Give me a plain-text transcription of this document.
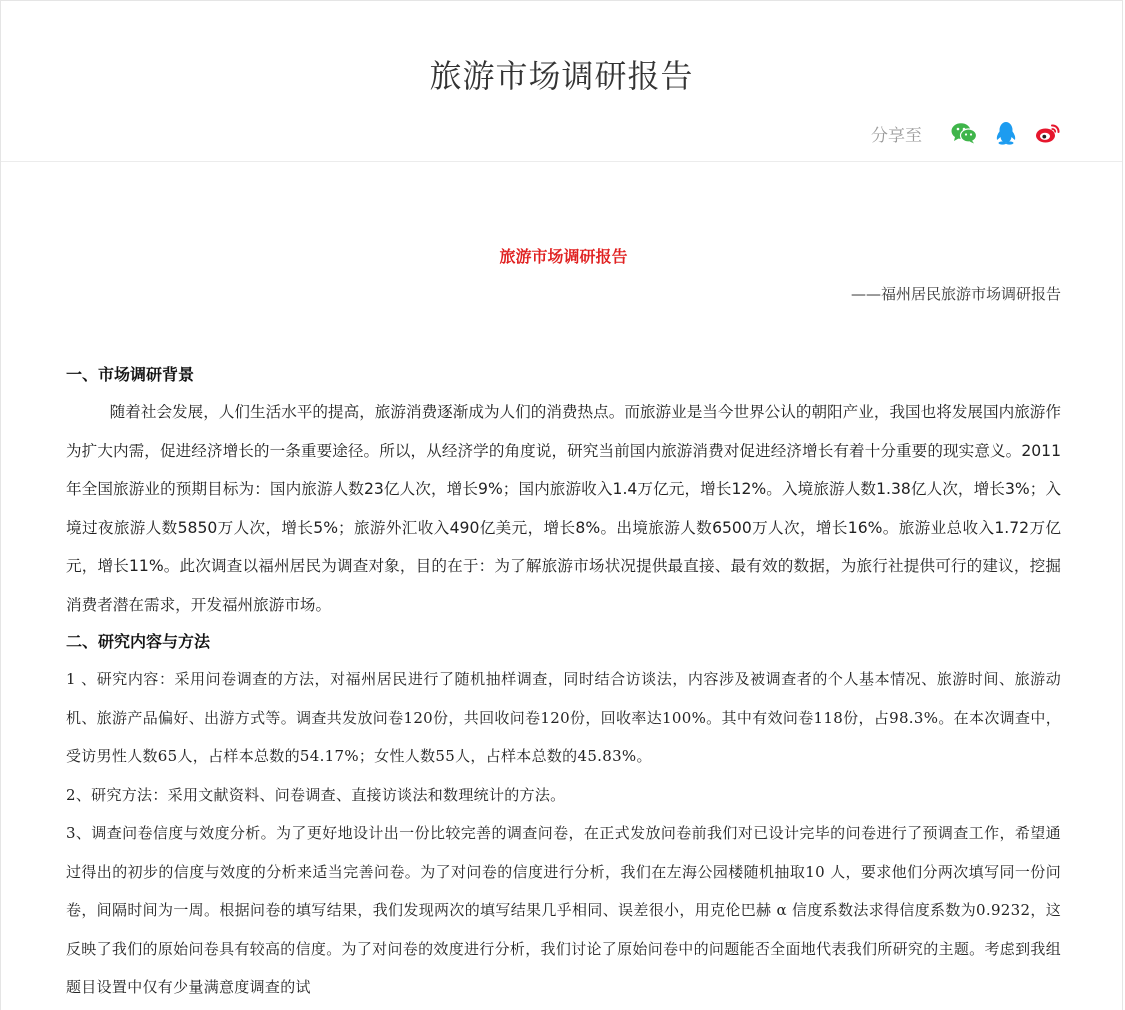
旅游市场调研报告
分享至
旅游市场调研报告
——福州居民旅游市场调研报告
一、市场调研背景
随着社会发展，人们生活水平的提高，旅游消费逐渐成为人们的消费热点。而旅游业是当今世界公认的朝阳产业，我国也将发展国内旅游作为扩大内需，促进经济增长的一条重要途径。所以，从经济学的角度说，研究当前国内旅游消费对促进经济增长有着十分重要的现实意义。2011年全国旅游业的预期目标为：国内旅游人数23亿人次，增长9%；国内旅游收入1.4万亿元，增长12%。入境旅游人数1.38亿人次，增长3%；入境过夜旅游人数5850万人次，增长5%；旅游外汇收入490亿美元，增长8%。出境旅游人数6500万人次，增长16%。旅游业总收入1.72万亿元，增长11%。此次调查以福州居民为调查对象，目的在于：为了解旅游市场状况提供最直接、最有效的数据，为旅行社提供可行的建议，挖掘消费者潜在需求，开发福州旅游市场。
二、研究内容与方法
1 、研究内容：采用问卷调查的方法，对福州居民进行了随机抽样调查，同时结合访谈法，内容涉及被调查者的个人基本情况、旅游时间、旅游动机、旅游产品偏好、出游方式等。调查共发放问卷120份，共回收问卷120份，回收率达100%。其中有效问卷118份，占98.3%。在本次调查中，受访男性人数65人，占样本总数的54.17%；女性人数55人，占样本总数的45.83%。
2、研究方法：采用文献资料、问卷调查、直接访谈法和数理统计的方法。
3、调查问卷信度与效度分析。为了更好地设计出一份比较完善的调查问卷，在正式发放问卷前我们对已设计完毕的问卷进行了预调查工作，希望通过得出的初步的信度与效度的分析来适当完善问卷。为了对问卷的信度进行分析，我们在左海公园楼随机抽取10 人，要求他们分两次填写同一份问卷，间隔时间为一周。根据问卷的填写结果，我们发现两次的填写结果几乎相同、误差很小，用克伦巴赫 α 信度系数法求得信度系数为0.9232，这反映了我们的原始问卷具有较高的信度。为了对问卷的效度进行分析，我们讨论了原始问卷中的问题能否全面地代表我们所研究的主题。考虑到我组题目设置中仅有少量满意度调查的试
